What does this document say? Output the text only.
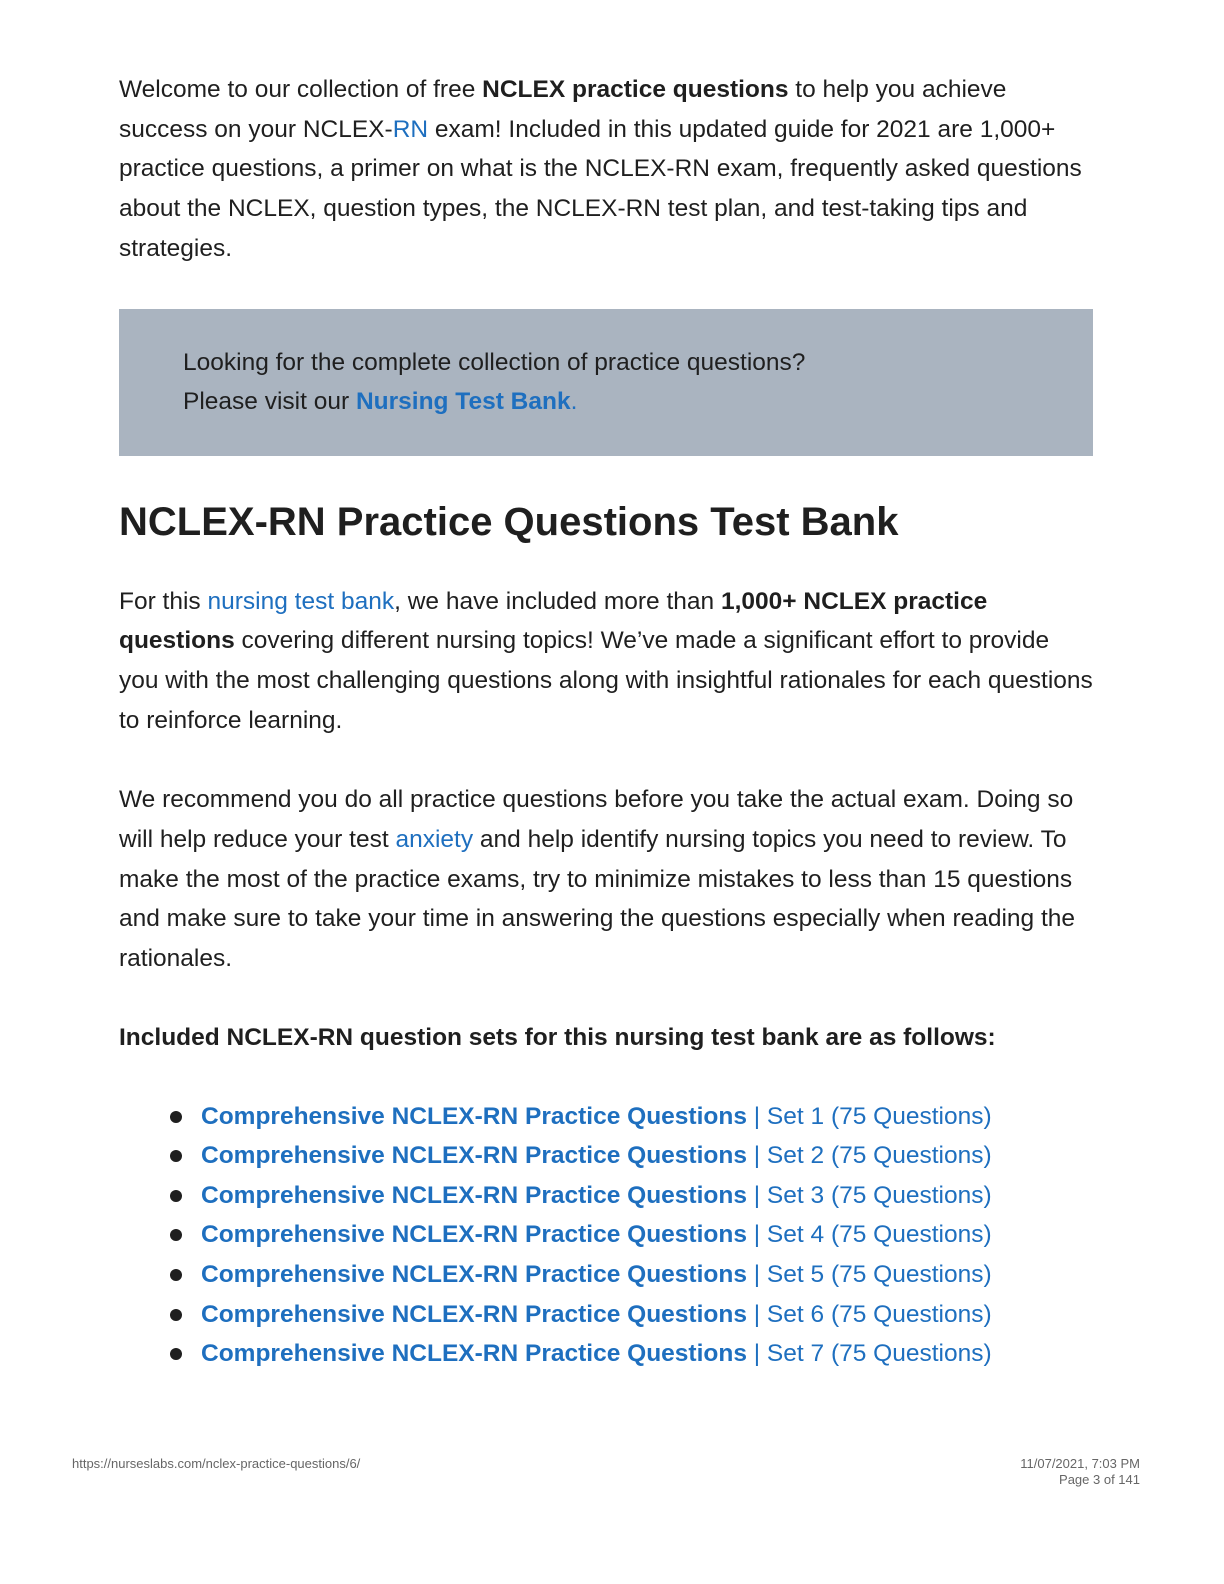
Welcome to our collection of free NCLEX practice questions to help you achieve success on your NCLEX-RN exam! Included in this updated guide for 2021 are 1,000+ practice questions, a primer on what is the NCLEX-RN exam, frequently asked questions about the NCLEX, question types, the NCLEX-RN test plan, and test-taking tips and strategies.

Looking for the complete collection of practice questions?

Please visit our Nursing Test Bank.

NCLEX-RN Practice Questions Test Bank

For this nursing test bank, we have included more than 1,000+ NCLEX practice questions covering different nursing topics! We’ve made a significant effort to provide you with the most challenging questions along with insightful rationales for each questions to reinforce learning.

We recommend you do all practice questions before you take the actual exam. Doing so will help reduce your test anxiety and help identify nursing topics you need to review. To make the most of the practice exams, try to minimize mistakes to less than 15 questions and make sure to take your time in answering the questions especially when reading the rationales.

Included NCLEX-RN question sets for this nursing test bank are as follows:

Comprehensive NCLEX-RN Practice Questions | Set 1 (75 Questions)
Comprehensive NCLEX-RN Practice Questions | Set 2 (75 Questions)
Comprehensive NCLEX-RN Practice Questions | Set 3 (75 Questions)
Comprehensive NCLEX-RN Practice Questions | Set 4 (75 Questions)
Comprehensive NCLEX-RN Practice Questions | Set 5 (75 Questions)
Comprehensive NCLEX-RN Practice Questions | Set 6 (75 Questions)
Comprehensive NCLEX-RN Practice Questions | Set 7 (75 Questions)
https://nurseslabs.com/nclex-practice-questions/6/	11/07/2021, 7:03 PM
Page 3 of 141
